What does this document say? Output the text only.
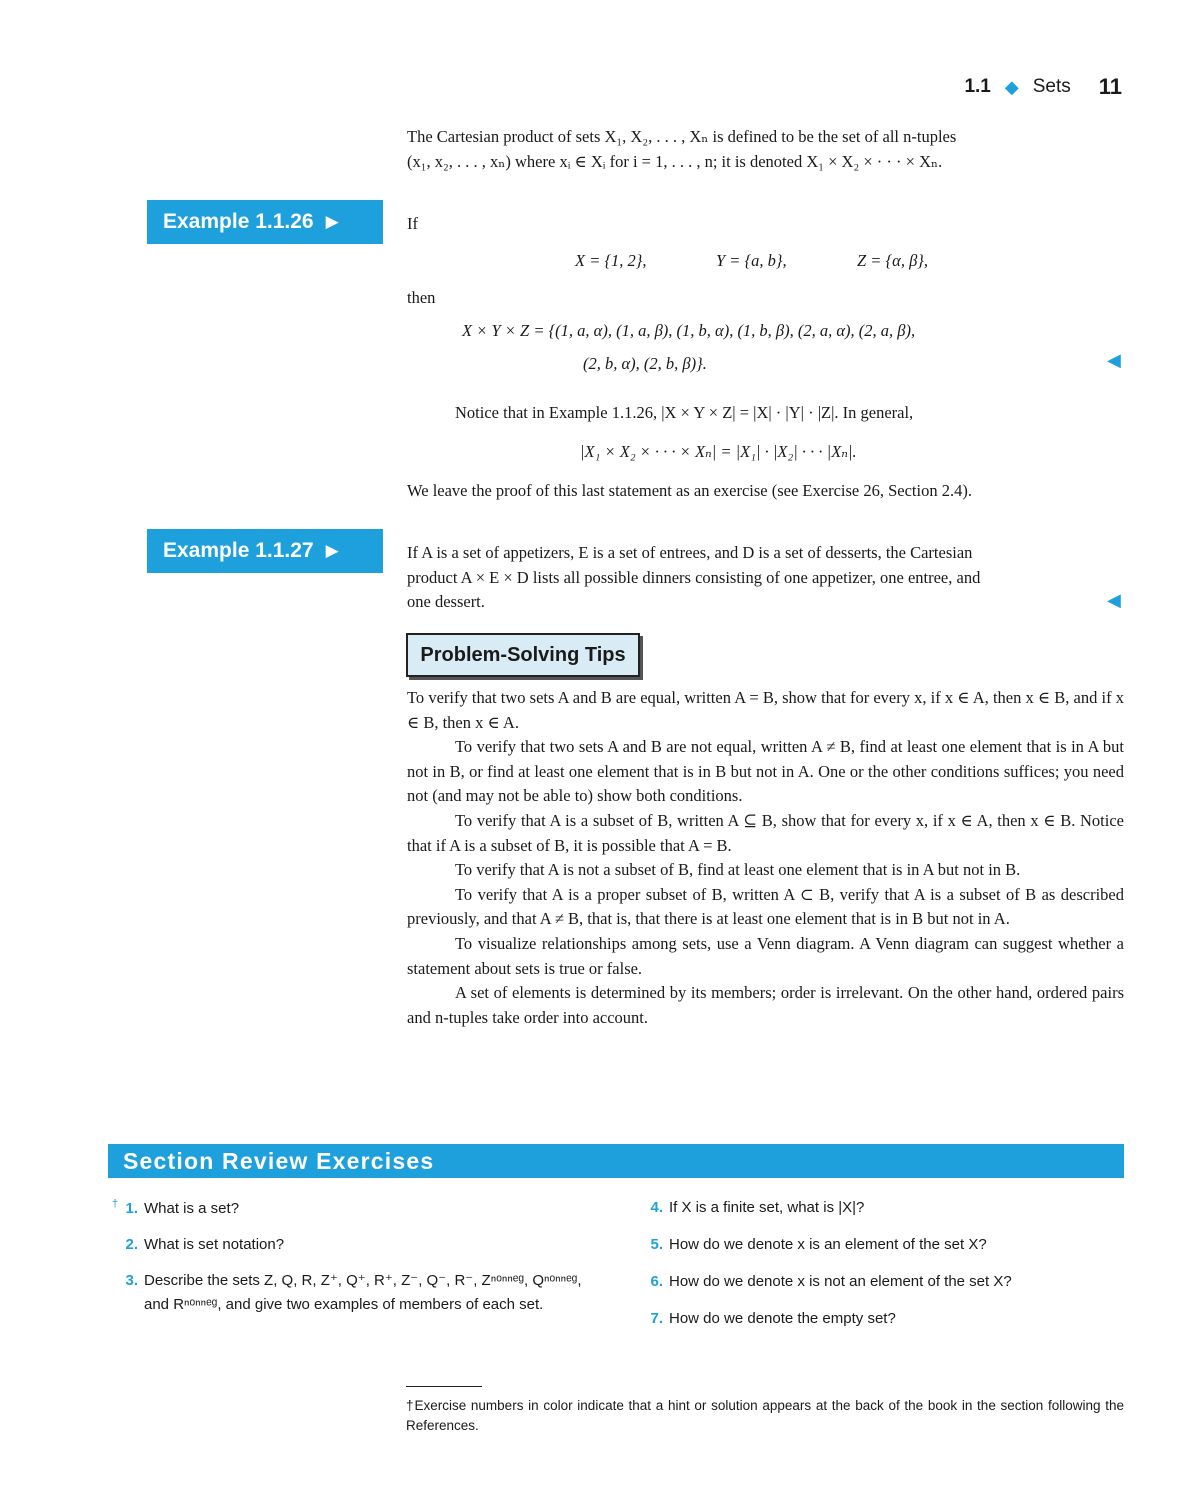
1.1 ◆ Sets 11
The Cartesian product of sets X₁, X₂, . . . , Xₙ is defined to be the set of all n-tuples
(x₁, x₂, . . . , xₙ) where xᵢ ∈ Xᵢ for i = 1, . . . , n; it is denoted X₁ × X₂ × · · · × Xₙ.
Example 1.1.26 ▶	If
X = {1, 2},	Y = {a, b},	Z = {α, β},
then
X × Y × Z = {(1, a, α), (1, a, β), (1, b, α), (1, b, β), (2, a, α), (2, a, β),
(2, b, α), (2, b, β)}.	◀
Notice that in Example 1.1.26, |X × Y × Z| = |X| · |Y| · |Z|. In general,
|X₁ × X₂ × · · · × Xₙ| = |X₁| · |X₂| · · · |Xₙ|.
We leave the proof of this last statement as an exercise (see Exercise 26, Section 2.4).
Example 1.1.27 ▶	If A is a set of appetizers, E is a set of entrees, and D is a set of desserts, the Cartesian
product A × E × D lists all possible dinners consisting of one appetizer, one entree, and
one dessert.	◀
Problem-Solving Tips

To verify that two sets A and B are equal, written A = B, show that for every x, if x ∈ A, then x ∈ B, and if x ∈ B, then x ∈ A.

To verify that two sets A and B are not equal, written A ≠ B, find at least one element that is in A but not in B, or find at least one element that is in B but not in A. One or the other conditions suffices; you need not (and may not be able to) show both conditions.

To verify that A is a subset of B, written A ⊆ B, show that for every x, if x ∈ A, then x ∈ B. Notice that if A is a subset of B, it is possible that A = B.

To verify that A is not a subset of B, find at least one element that is in A but not in B.

To verify that A is a proper subset of B, written A ⊂ B, verify that A is a subset of B as described previously, and that A ≠ B, that is, that there is at least one element that is in B but not in A.

To visualize relationships among sets, use a Venn diagram. A Venn diagram can suggest whether a statement about sets is true or false.

A set of elements is determined by its members; order is irrelevant. On the other hand, ordered pairs and n-tuples take order into account.

Section Review Exercises
† 1. What is a set?
2. What is set notation?
3. Describe the sets Z, Q, R, Z⁺, Q⁺, R⁺, Z⁻, Q⁻, R⁻, Zⁿᵒⁿⁿᵉᵍ, Qⁿᵒⁿⁿᵉᵍ, and Rⁿᵒⁿⁿᵉᵍ, and give two examples of members of each set.
4. If X is a finite set, what is |X|?
5. How do we denote x is an element of the set X?
6. How do we denote x is not an element of the set X?
7. How do we denote the empty set?
†Exercise numbers in color indicate that a hint or solution appears at the back of the book in the section following the References.
